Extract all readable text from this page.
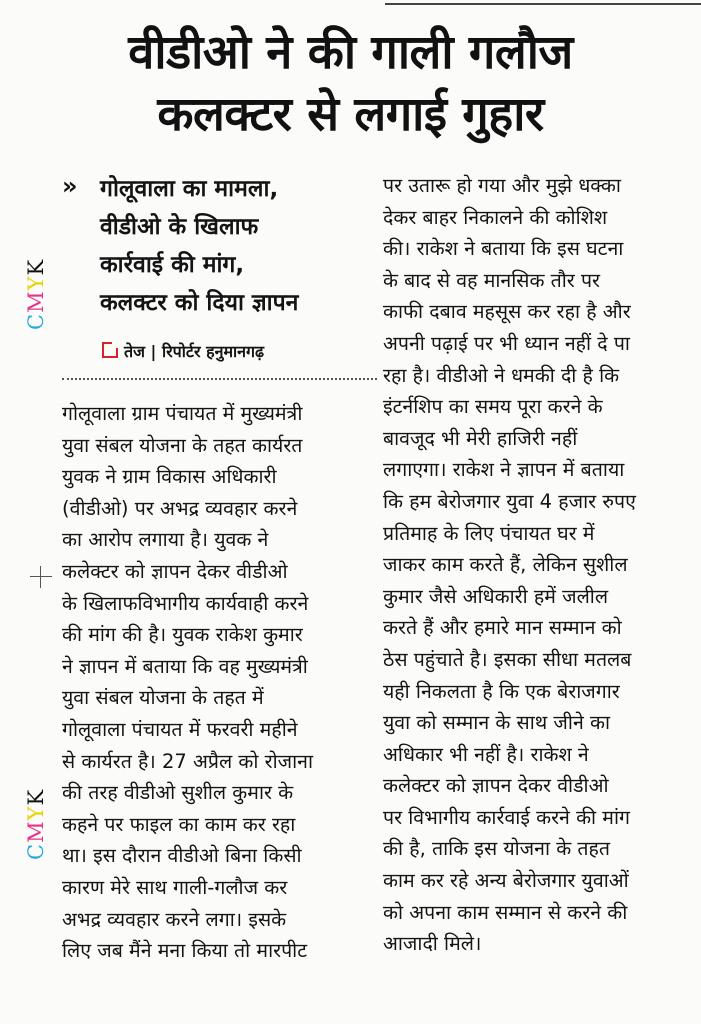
वीडीओ ने की गाली गलौज
कलक्टर से लगाई गुहार
CMYK
CMYK
» गोलूवाला का मामला,
वीडीओ के खिलाफ
कार्रवाई की मांग,
कलक्टर को दिया ज्ञापन
तेज | रिपोर्टर हनुमानगढ़
गोलूवाला ग्राम पंचायत में मुख्यमंत्री
युवा संबल योजना के तहत कार्यरत
युवक ने ग्राम विकास अधिकारी
(वीडीओ) पर अभद्र व्यवहार करने
का आरोप लगाया है। युवक ने
कलेक्टर को ज्ञापन देकर वीडीओ
के खिलाफविभागीय कार्यवाही करने
की मांग की है। युवक राकेश कुमार
ने ज्ञापन में बताया कि वह मुख्यमंत्री
युवा संबल योजना के तहत में
गोलूवाला पंचायत में फरवरी महीने
से कार्यरत है। 27 अप्रैल को रोजाना
की तरह वीडीओ सुशील कुमार के
कहने पर फाइल का काम कर रहा
था। इस दौरान वीडीओ बिना किसी
कारण मेरे साथ गाली-गलौज कर
अभद्र व्यवहार करने लगा। इसके
लिए जब मैंने मना किया तो मारपीट
पर उतारू हो गया और मुझे धक्का
देकर बाहर निकालने की कोशिश
की। राकेश ने बताया कि इस घटना
के बाद से वह मानसिक तौर पर
काफी दबाव महसूस कर रहा है और
अपनी पढ़ाई पर भी ध्यान नहीं दे पा
रहा है। वीडीओ ने धमकी दी है कि
इंटर्नशिप का समय पूरा करने के
बावजूद भी मेरी हाजिरी नहीं
लगाएगा। राकेश ने ज्ञापन में बताया
कि हम बेरोजगार युवा 4 हजार रुपए
प्रतिमाह के लिए पंचायत घर में
जाकर काम करते हैं, लेकिन सुशील
कुमार जैसे अधिकारी हमें जलील
करते हैं और हमारे मान सम्मान को
ठेस पहुंचाते है। इसका सीधा मतलब
यही निकलता है कि एक बेराजगार
युवा को सम्मान के साथ जीने का
अधिकार भी नहीं है। राकेश ने
कलेक्टर को ज्ञापन देकर वीडीओ
पर विभागीय कार्रवाई करने की मांग
की है, ताकि इस योजना के तहत
काम कर रहे अन्य बेरोजगार युवाओं
को अपना काम सम्मान से करने की
आजादी मिले।
